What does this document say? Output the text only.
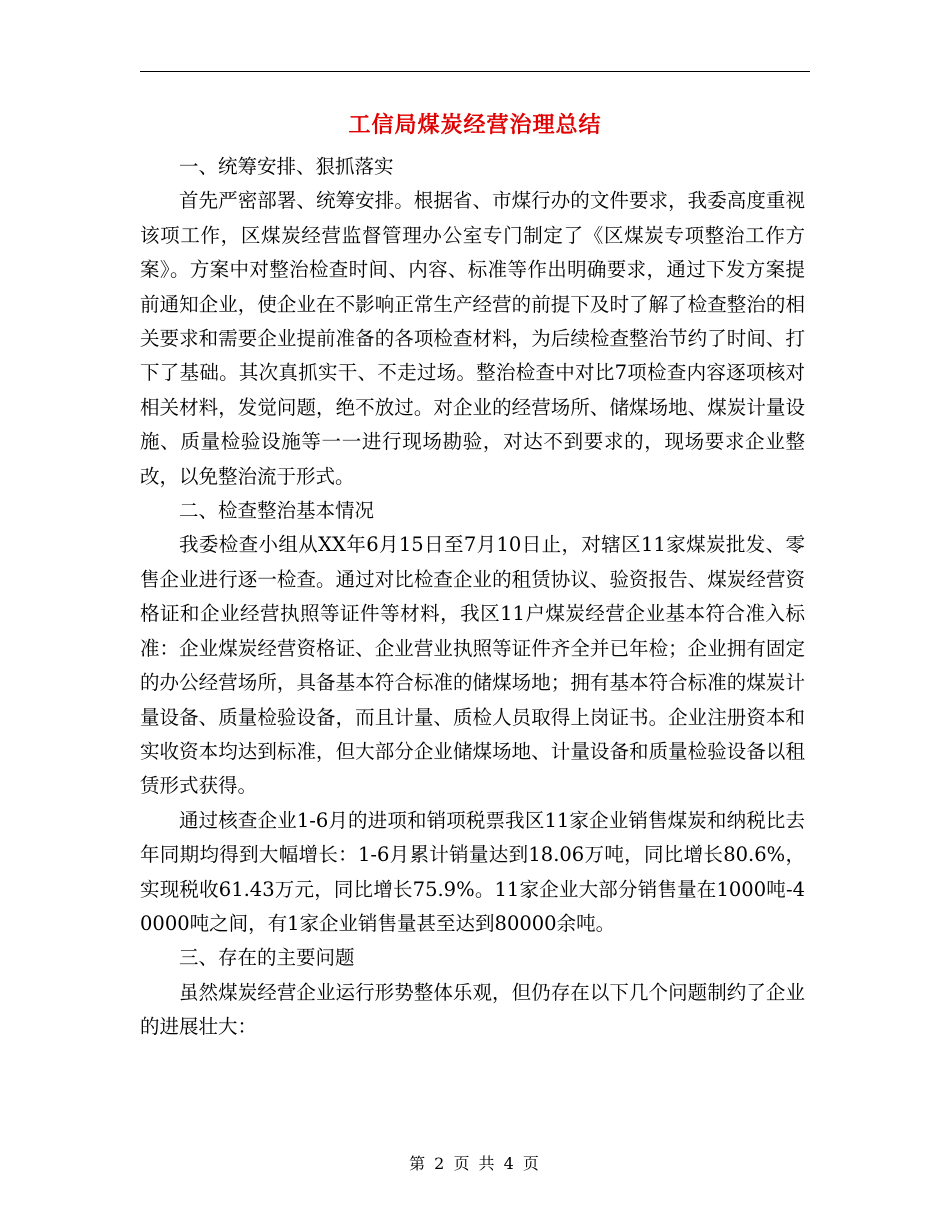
工信局煤炭经营治理总结

一、统筹安排、狠抓落实

首先严密部署、统筹安排。根据省、市煤行办的文件要求，我委高度重视该项工作，区煤炭经营监督管理办公室专门制定了《区煤炭专项整治工作方案》。方案中对整治检查时间、内容、标准等作出明确要求，通过下发方案提前通知企业，使企业在不影响正常生产经营的前提下及时了解了检查整治的相关要求和需要企业提前准备的各项检查材料，为后续检查整治节约了时间、打下了基础。其次真抓实干、不走过场。整治检查中对比7项检查内容逐项核对相关材料，发觉问题，绝不放过。对企业的经营场所、储煤场地、煤炭计量设施、质量检验设施等一一进行现场勘验，对达不到要求的，现场要求企业整改，以免整治流于形式。

二、检查整治基本情况

我委检查小组从XX年6月15日至7月10日止，对辖区11家煤炭批发、零售企业进行逐一检查。通过对比检查企业的租赁协议、验资报告、煤炭经营资格证和企业经营执照等证件等材料，我区11户煤炭经营企业基本符合准入标准：企业煤炭经营资格证、企业营业执照等证件齐全并已年检；企业拥有固定的办公经营场所，具备基本符合标准的储煤场地；拥有基本符合标准的煤炭计量设备、质量检验设备，而且计量、质检人员取得上岗证书。企业注册资本和实收资本均达到标准，但大部分企业储煤场地、计量设备和质量检验设备以租赁形式获得。

通过核查企业1-6月的进项和销项税票我区11家企业销售煤炭和纳税比去年同期均得到大幅增长：1-6月累计销量达到18.06万吨，同比增长80.6%，实现税收61.43万元，同比增长75.9%。11家企业大部分销售量在1000吨-40000吨之间，有1家企业销售量甚至达到80000余吨。

三、存在的主要问题

虽然煤炭经营企业运行形势整体乐观，但仍存在以下几个问题制约了企业的进展壮大：

第 2 页 共 4 页
